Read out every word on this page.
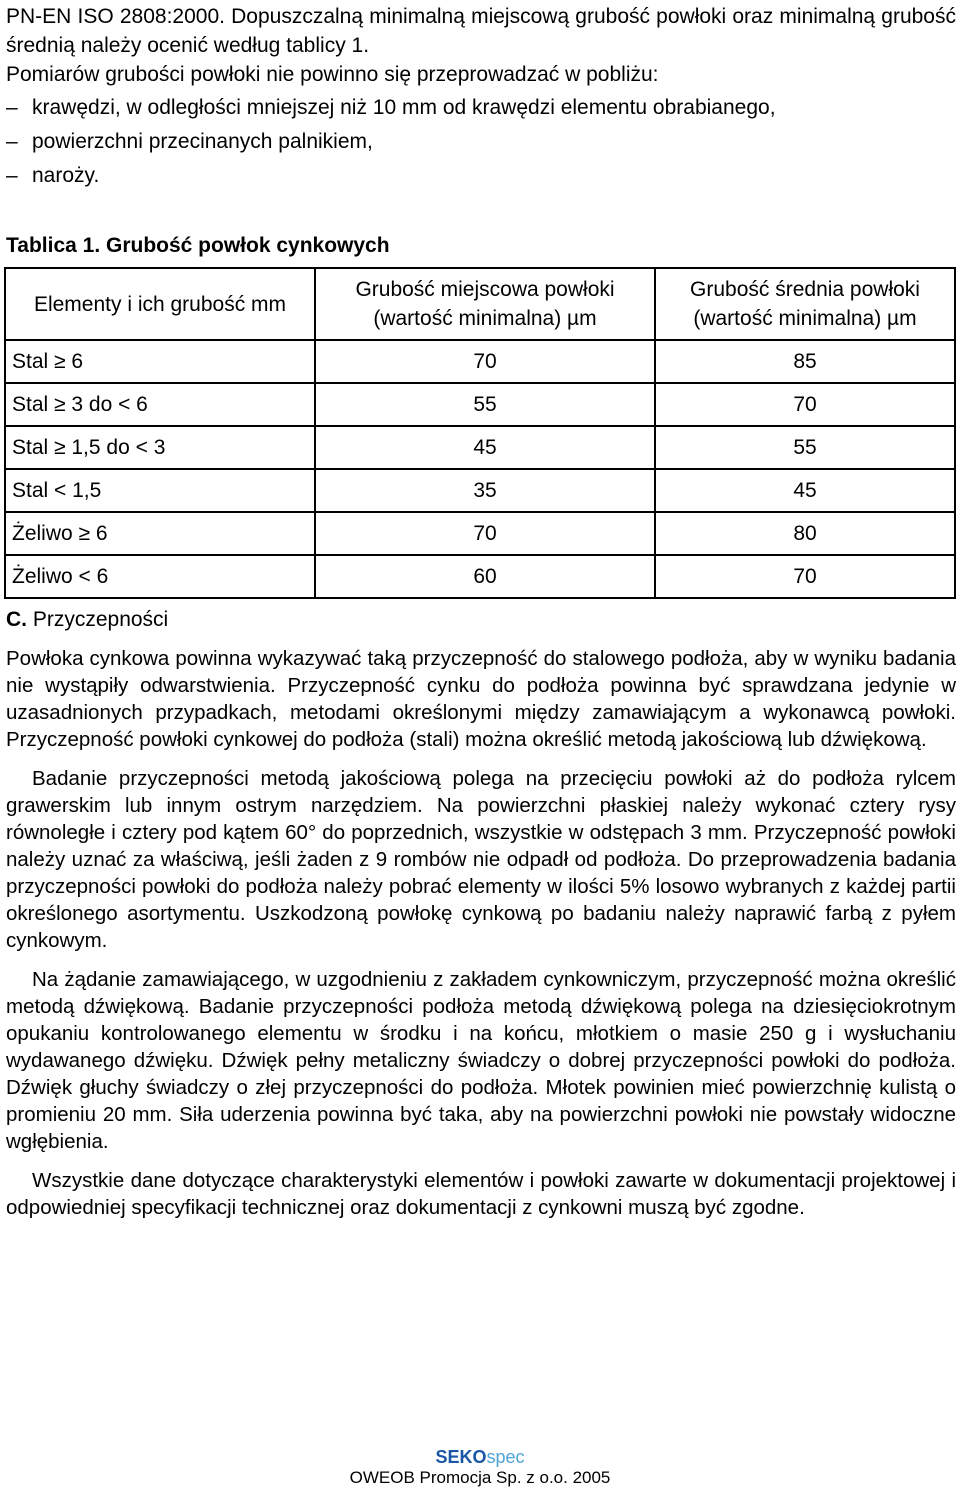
PN-EN ISO 2808:2000. Dopuszczalną minimalną miejscową grubość powłoki oraz minimalną grubość średnią należy ocenić według tablicy 1.

Pomiarów grubości powłoki nie powinno się przeprowadzać w pobliżu:

– krawędzi, w odległości mniejszej niż 10 mm od krawędzi elementu obrabianego,
– powierzchni przecinanych palnikiem,
– naroży.
Tablica 1. Grubość powłok cynkowych
Elementy i ich grubość mm	Grubość miejscowa powłoki (wartość minimalna) µm	Grubość średnia powłoki (wartość minimalna) µm
Stal ≥ 6	70	85
Stal ≥ 3 do < 6	55	70
Stal ≥ 1,5 do < 3	45	55
Stal < 1,5	35	45
Żeliwo ≥ 6	70	80
Żeliwo < 6	60	70
C. Przyczepności

Powłoka cynkowa powinna wykazywać taką przyczepność do stalowego podłoża, aby w wyniku badania nie wystąpiły odwarstwienia. Przyczepność cynku do podłoża powinna być sprawdzana jedynie w uzasadnionych przypadkach, metodami określonymi między zamawiającym a wykonawcą powłoki. Przyczepność powłoki cynkowej do podłoża (stali) można określić metodą jakościową lub dźwiękową.

Badanie przyczepności metodą jakościową polega na przecięciu powłoki aż do podłoża rylcem grawerskim lub innym ostrym narzędziem. Na powierzchni płaskiej należy wykonać cztery rysy równoległe i cztery pod kątem 60° do poprzednich, wszystkie w odstępach 3 mm. Przyczepność powłoki należy uznać za właściwą, jeśli żaden z 9 rombów nie odpadł od podłoża. Do przeprowadzenia badania przyczepności powłoki do podłoża należy pobrać elementy w ilości 5% losowo wybranych z każdej partii określonego asortymentu. Uszkodzoną powłokę cynkową po badaniu należy naprawić farbą z pyłem cynkowym.

Na żądanie zamawiającego, w uzgodnieniu z zakładem cynkowniczym, przyczepność można określić metodą dźwiękową. Badanie przyczepności podłoża metodą dźwiękową polega na dziesięciokrotnym opukaniu kontrolowanego elementu w środku i na końcu, młotkiem o masie 250 g i wysłuchaniu wydawanego dźwięku. Dźwięk pełny metaliczny świadczy o dobrej przyczepności powłoki do podłoża. Dźwięk głuchy świadczy o złej przyczepności do podłoża. Młotek powinien mieć powierzchnię kulistą o promieniu 20 mm. Siła uderzenia powinna być taka, aby na powierzchni powłoki nie powstały widoczne wgłębienia.

Wszystkie dane dotyczące charakterystyki elementów i powłoki zawarte w dokumentacji projektowej i odpowiedniej specyfikacji technicznej oraz dokumentacji z cynkowni muszą być zgodne.

SEKOspec
OWEOB Promocja Sp. z o.o. 2005
